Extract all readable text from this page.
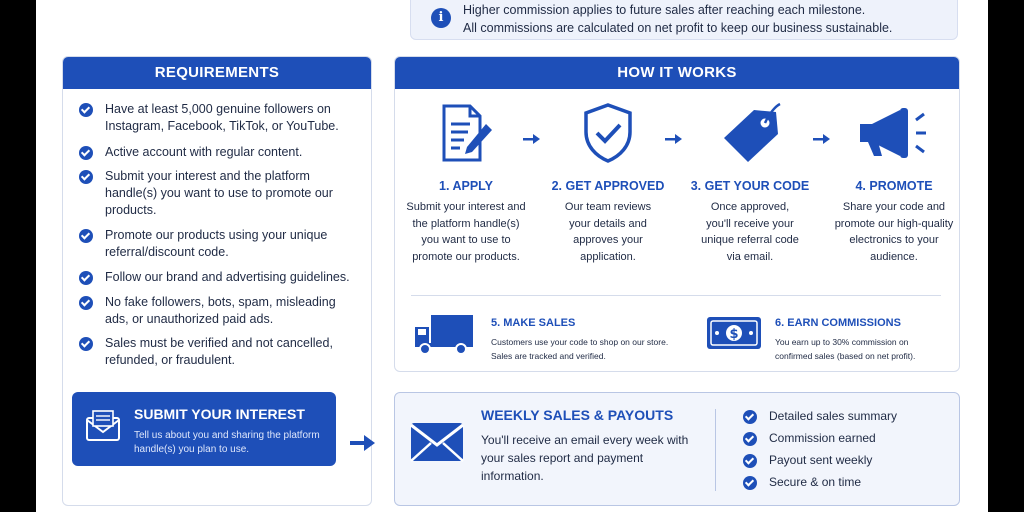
i	Higher commission applies to future sales after reaching each milestone.
All commissions are calculated on net profit to keep our business sustainable.
REQUIREMENTS
Have at least 5,000 genuine followers on Instagram, Facebook, TikTok, or YouTube.
Active account with regular content.
Submit your interest and the platform handle(s) you want to use to promote our products.
Promote our products using your unique referral/discount code.
Follow our brand and advertising guidelines.
No fake followers, bots, spam, misleading ads, or unauthorized paid ads.
Sales must be verified and not cancelled, refunded, or fraudulent.
SUBMIT YOUR INTEREST
Tell us about you and sharing the platform handle(s) you plan to use.
HOW IT WORKS
1. APPLY
Submit your interest and the platform handle(s) you want to use to promote our products.
2. GET APPROVED
Our team reviews your details and approves your application.
3. GET YOUR CODE
Once approved, you'll receive your unique referral code via email.
4. PROMOTE
Share your code and promote our high-quality electronics to your audience.
5. MAKE SALES
Customers use your code to shop on our store. Sales are tracked and verified.
$
6. EARN COMMISSIONS
You earn up to 30% commission on confirmed sales (based on net profit).
WEEKLY SALES & PAYOUTS
You'll receive an email every week with your sales report and payment information.
Detailed sales summary
Commission earned
Payout sent weekly
Secure & on time
